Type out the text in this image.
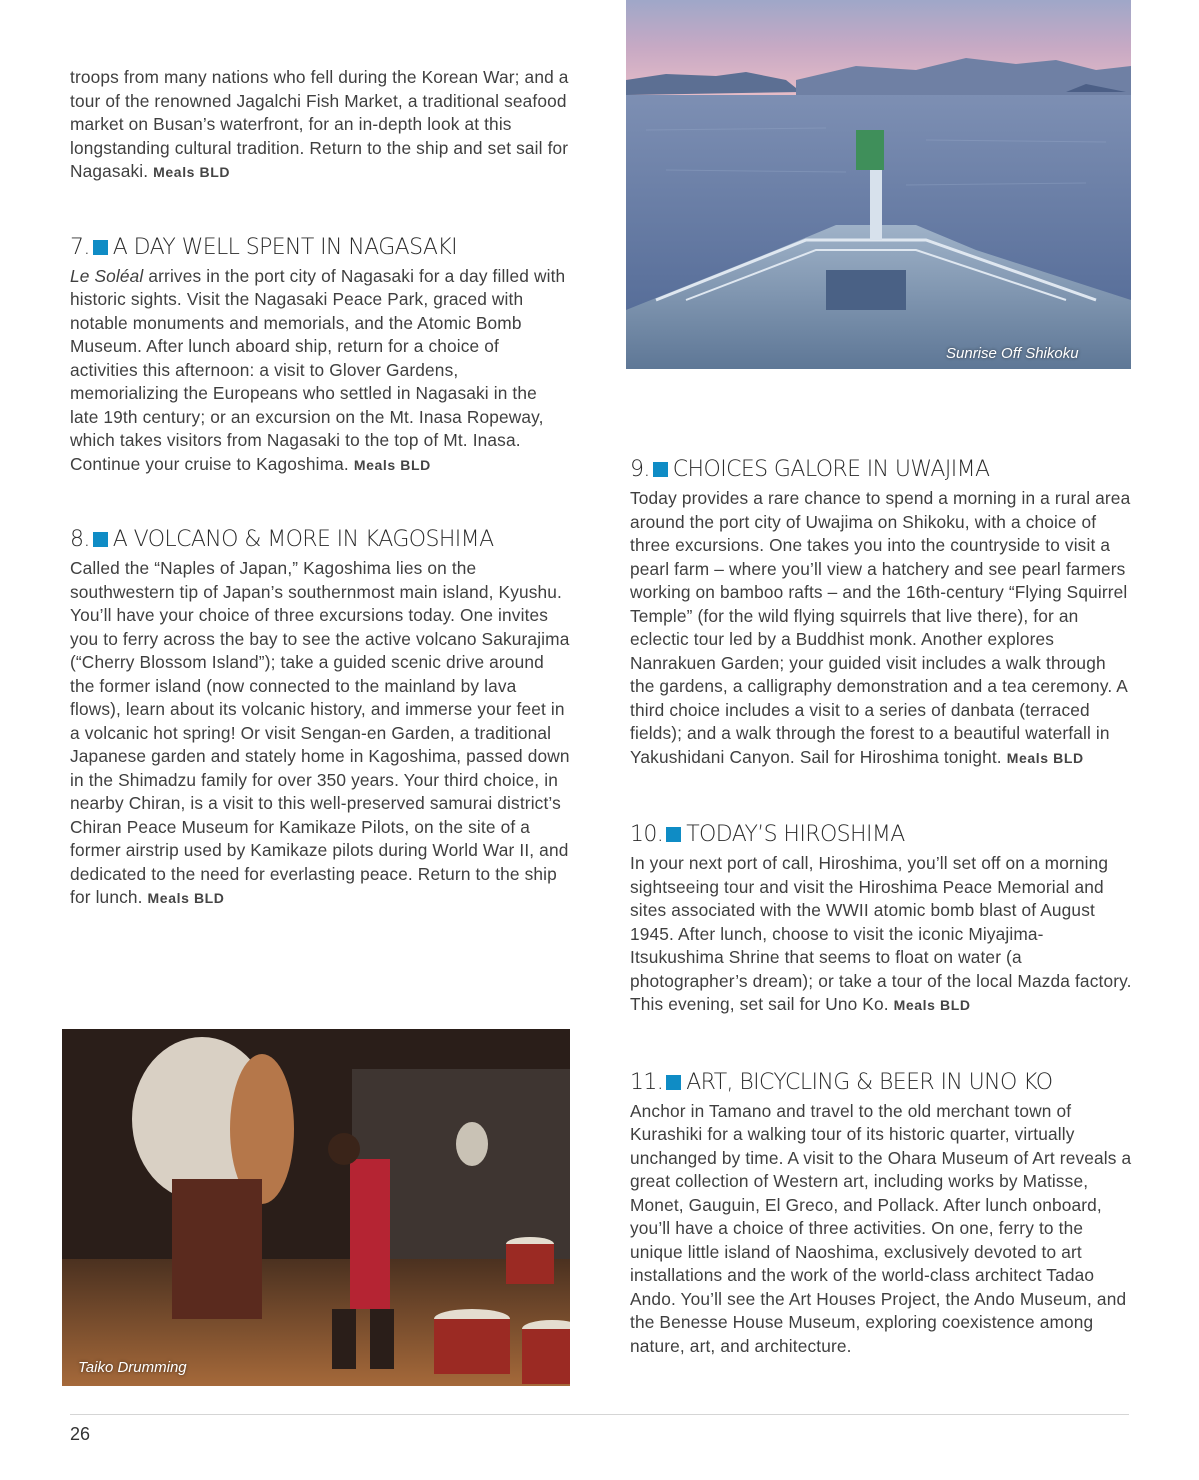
Sunrise Off Shikoku

troops from many nations who fell during the Korean War; and a tour of the renowned Jagalchi Fish Market, a traditional seafood market on Busan’s waterfront, for an in-depth look at this longstanding cultural tradition. Return to the ship and set sail for Nagasaki. Meals BLD

7. A DAY WELL SPENT IN NAGASAKI

Le Soléal arrives in the port city of Nagasaki for a day filled with historic sights. Visit the Nagasaki Peace Park, graced with notable monuments and memorials, and the Atomic Bomb Museum. After lunch aboard ship, return for a choice of activities this afternoon: a visit to Glover Gardens, memorializing the Europeans who settled in Nagasaki in the late 19th century; or an excursion on the Mt. Inasa Ropeway, which takes visitors from Nagasaki to the top of Mt. Inasa. Continue your cruise to Kagoshima. Meals BLD

8. A VOLCANO & MORE IN KAGOSHIMA

Called the “Naples of Japan,” Kagoshima lies on the southwestern tip of Japan’s southernmost main island, Kyushu. You’ll have your choice of three excursions today. One invites you to ferry across the bay to see the active volcano Sakurajima (“Cherry Blossom Island”); take a guided scenic drive around the former island (now connected to the mainland by lava flows), learn about its volcanic history, and immerse your feet in a volcanic hot spring! Or visit Sengan-en Garden, a traditional Japanese garden and stately home in Kagoshima, passed down in the Shimadzu family for over 350 years. Your third choice, in nearby Chiran, is a visit to this well-preserved samurai district’s Chiran Peace Museum for Kamikaze Pilots, on the site of a former airstrip used by Kamikaze pilots during World War II, and dedicated to the need for everlasting peace. Return to the ship for lunch. Meals BLD

Taiko Drumming
9. CHOICES GALORE IN UWAJIMA

Today provides a rare chance to spend a morning in a rural area around the port city of Uwajima on Shikoku, with a choice of three excursions. One takes you into the countryside to visit a pearl farm – where you’ll view a hatchery and see pearl farmers working on bamboo rafts – and the 16th-century “Flying Squirrel Temple” (for the wild flying squirrels that live there), for an eclectic tour led by a Buddhist monk. Another explores Nanrakuen Garden; your guided visit includes a walk through the gardens, a calligraphy demonstration and a tea ceremony. A third choice includes a visit to a series of danbata (terraced fields); and a walk through the forest to a beautiful waterfall in Yakushidani Canyon. Sail for Hiroshima tonight. Meals BLD

10. TODAY’S HIROSHIMA

In your next port of call, Hiroshima, you’ll set off on a morning sightseeing tour and visit the Hiroshima Peace Memorial and sites associated with the WWII atomic bomb blast of August 1945. After lunch, choose to visit the iconic Miyajima-Itsukushima Shrine that seems to float on water (a photographer’s dream); or take a tour of the local Mazda factory. This evening, set sail for Uno Ko. Meals BLD

11. ART, BICYCLING & BEER IN UNO KO

Anchor in Tamano and travel to the old merchant town of Kurashiki for a walking tour of its historic quarter, virtually unchanged by time. A visit to the Ohara Museum of Art reveals a great collection of Western art, including works by Matisse, Monet, Gauguin, El Greco, and Pollack. After lunch onboard, you’ll have a choice of three activities. On one, ferry to the unique little island of Naoshima, exclusively devoted to art installations and the work of the world-class architect Tadao Ando. You’ll see the Art Houses Project, the Ando Museum, and the Benesse House Museum, exploring coexistence among nature, art, and architecture.

26
